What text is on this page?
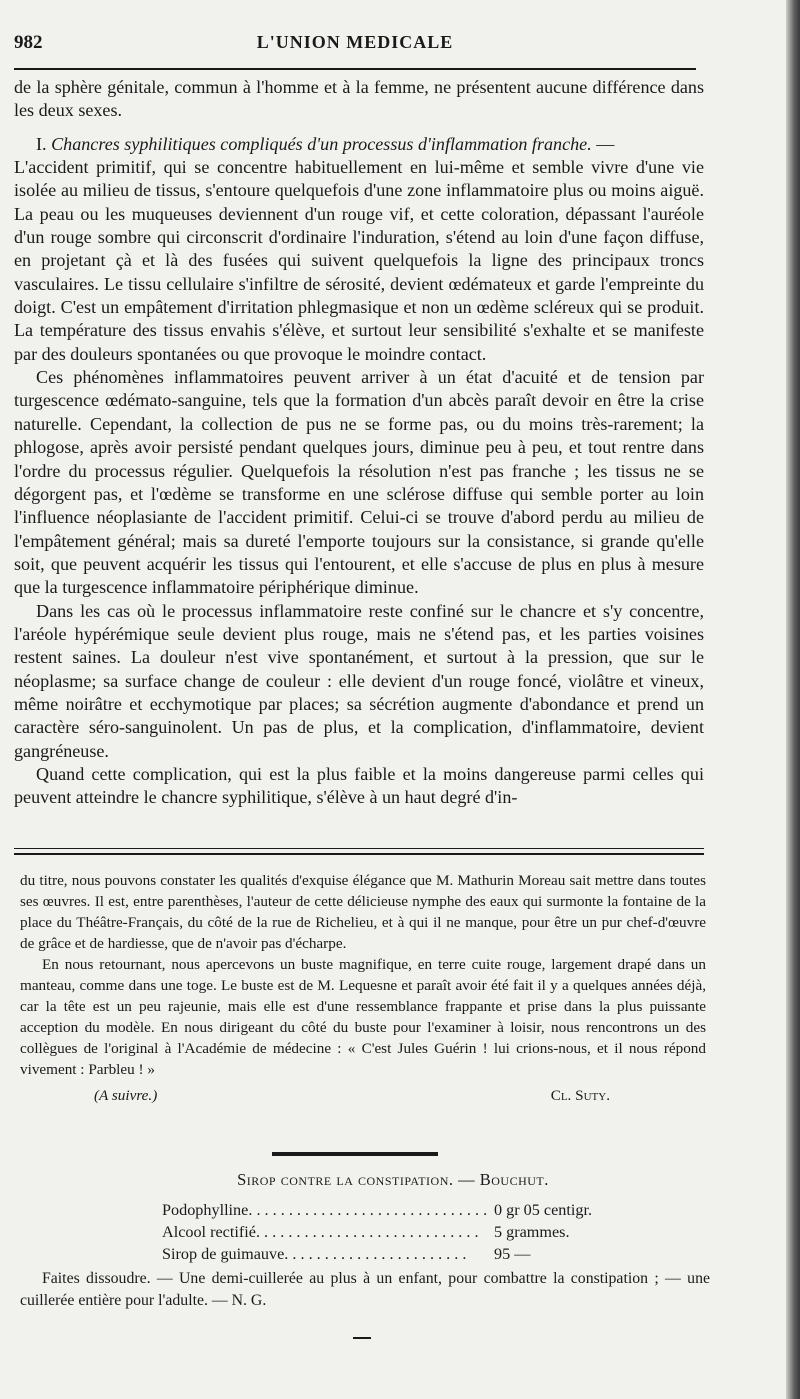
982	L'UNION MEDICALE

de la sphère génitale, commun à l'homme et à la femme, ne présentent aucune différence dans les deux sexes.

I. Chancres syphilitiques compliqués d'un processus d'inflammation franche. —

L'accident primitif, qui se concentre habituellement en lui-même et semble vivre d'une vie isolée au milieu de tissus, s'entoure quelquefois d'une zone inflammatoire plus ou moins aiguë. La peau ou les muqueuses deviennent d'un rouge vif, et cette coloration, dépassant l'auréole d'un rouge sombre qui circonscrit d'ordinaire l'induration, s'étend au loin d'une façon diffuse, en projetant çà et là des fusées qui suivent quelquefois la ligne des principaux troncs vasculaires. Le tissu cellulaire s'infiltre de sérosité, devient œdémateux et garde l'empreinte du doigt. C'est un empâtement d'irritation phlegmasique et non un œdème scléreux qui se produit. La température des tissus envahis s'élève, et surtout leur sensibilité s'exhalte et se manifeste par des douleurs spontanées ou que provoque le moindre contact.

Ces phénomènes inflammatoires peuvent arriver à un état d'acuité et de tension par turgescence œdémato-sanguine, tels que la formation d'un abcès paraît devoir en être la crise naturelle. Cependant, la collection de pus ne se forme pas, ou du moins très-rarement; la phlogose, après avoir persisté pendant quelques jours, diminue peu à peu, et tout rentre dans l'ordre du processus régulier. Quelquefois la résolution n'est pas franche ; les tissus ne se dégorgent pas, et l'œdème se transforme en une sclérose diffuse qui semble porter au loin l'influence néoplasiante de l'accident primitif. Celui-ci se trouve d'abord perdu au milieu de l'empâtement général; mais sa dureté l'emporte toujours sur la consistance, si grande qu'elle soit, que peuvent acquérir les tissus qui l'entourent, et elle s'accuse de plus en plus à mesure que la turgescence inflammatoire périphérique diminue.

Dans les cas où le processus inflammatoire reste confiné sur le chancre et s'y concentre, l'aréole hypérémique seule devient plus rouge, mais ne s'étend pas, et les parties voisines restent saines. La douleur n'est vive spontanément, et surtout à la pression, que sur le néoplasme; sa surface change de couleur : elle devient d'un rouge foncé, violâtre et vineux, même noirâtre et ecchymotique par places; sa sécrétion augmente d'abondance et prend un caractère séro-sanguinolent. Un pas de plus, et la complication, d'inflammatoire, devient gangréneuse.

Quand cette complication, qui est la plus faible et la moins dangereuse parmi celles qui peuvent atteindre le chancre syphilitique, s'élève à un haut degré d'in-

du titre, nous pouvons constater les qualités d'exquise élégance que M. Mathurin Moreau sait mettre dans toutes ses œuvres. Il est, entre parenthèses, l'auteur de cette délicieuse nymphe des eaux qui surmonte la fontaine de la place du Théâtre-Français, du côté de la rue de Richelieu, et à qui il ne manque, pour être un pur chef-d'œuvre de grâce et de hardiesse, que de n'avoir pas d'écharpe.

En nous retournant, nous apercevons un buste magnifique, en terre cuite rouge, largement drapé dans un manteau, comme dans une toge. Le buste est de M. Lequesne et paraît avoir été fait il y a quelques années déjà, car la tête est un peu rajeunie, mais elle est d'une ressemblance frappante et prise dans la plus puissante acception du modèle. En nous dirigeant du côté du buste pour l'examiner à loisir, nous rencontrons un des collègues de l'original à l'Académie de médecine : « C'est Jules Guérin ! lui crions-nous, et il nous répond vivement : Parbleu ! »

(A suivre.)	Cl. Suty.
Sirop contre la constipation. — Bouchut.
Podophylline. . . . . . . . . . . . . . . . . . . . . . . . . . . . . . 0 gr 05 centigr.
Alcool rectifié. . . . . . . . . . . . . . . . . . . . . . . . . . . . 5 grammes.
Sirop de guimauve. . . . . . . . . . . . . . . . . . . . . . .	95 —

Faites dissoudre. — Une demi-cuillerée au plus à un enfant, pour combattre la constipation ; — une cuillerée entière pour l'adulte. — N. G.
